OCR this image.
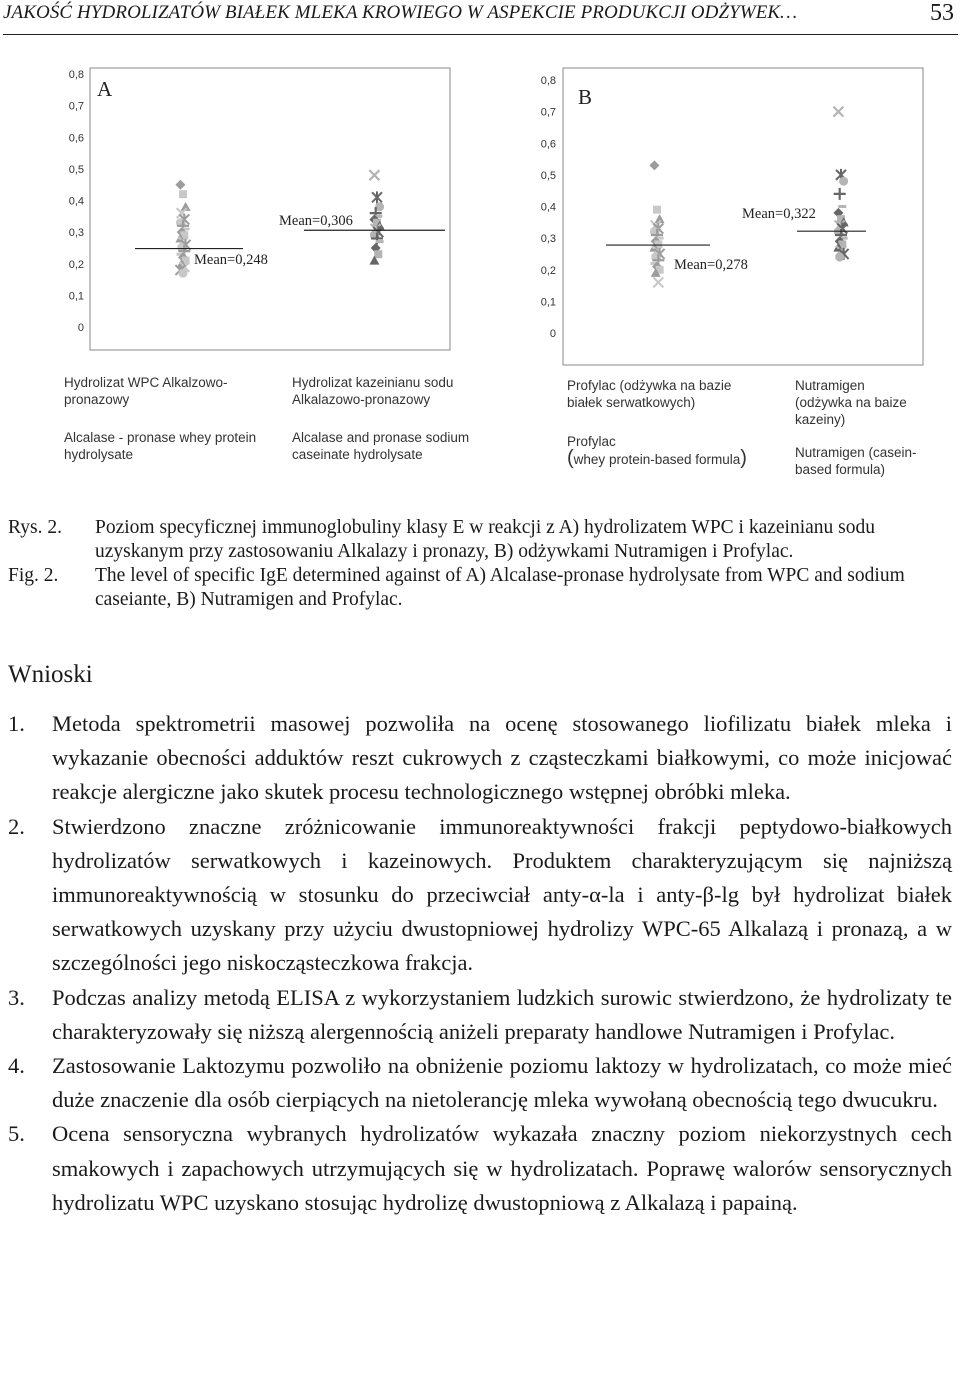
JAKOŚĆ HYDROLIZATÓW BIAŁEK MLEKA KROWIEGO W ASPEKCIE PRODUKCJI ODŻYWEK…	53
0,8
0,7
0,6
0,5
0,4
0,3
0,2
0,1
0
A
Mean=0,248
Mean=0,306
0,8
0,7
0,6
0,5
0,4
0,3
0,2
0,1
0
B
Mean=0,278
Mean=0,322

Hydrolizat WPC Alkalzowo-pronazowy

Alcalase - pronase whey protein hydrolysate

Hydrolizat kazeinianu sodu Alkalazowo-pronazowy

Alcalase and pronase sodium caseinate hydrolysate

Profylac (odżywka na bazie białek serwatkowych)

Profylac

(whey protein-based formula)

Nutramigen (odżywka na baize kazeiny)

Nutramigen (casein-based formula)

Rys. 2. Poziom specyficznej immunoglobuliny klasy E w reakcji z A) hydrolizatem WPC i kazeinianu sodu uzyskanym przy zastosowaniu Alkalazy i pronazy, B) odżywkami Nutramigen i Profylac.
Fig. 2. The level of specific IgE determined against of A) Alcalase-pronase hydrolysate from WPC and sodium caseiante, B) Nutramigen and Profylac.
Wnioski
1. Metoda spektrometrii masowej pozwoliła na ocenę stosowanego liofilizatu białek mleka i wykazanie obecności adduktów reszt cukrowych z cząsteczkami białkowymi, co może inicjować reakcje alergiczne jako skutek procesu technologicznego wstępnej obróbki mleka.
2. Stwierdzono znaczne zróżnicowanie immunoreaktywności frakcji peptydowo-białkowych hydrolizatów serwatkowych i kazeinowych. Produktem charakteryzującym się najniższą immunoreaktywnością w stosunku do przeciwciał anty-α-la i anty-β-lg był hydrolizat białek serwatkowych uzyskany przy użyciu dwustopniowej hydrolizy WPC-65 Alkalazą i pronazą, a w szczególności jego niskocząsteczkowa frakcja.
3. Podczas analizy metodą ELISA z wykorzystaniem ludzkich surowic stwierdzono, że hydrolizaty te charakteryzowały się niższą alergennością aniżeli preparaty handlowe Nutramigen i Profylac.
4. Zastosowanie Laktozymu pozwoliło na obniżenie poziomu laktozy w hydrolizatach, co może mieć duże znaczenie dla osób cierpiących na nietolerancję mleka wywołaną obecnością tego dwucukru.
5. Ocena sensoryczna wybranych hydrolizatów wykazała znaczny poziom niekorzystnych cech smakowych i zapachowych utrzymujących się w hydrolizatach. Poprawę walorów sensorycznych hydrolizatu WPC uzyskano stosując hydrolizę dwustopniową z Alkalazą i papainą.
